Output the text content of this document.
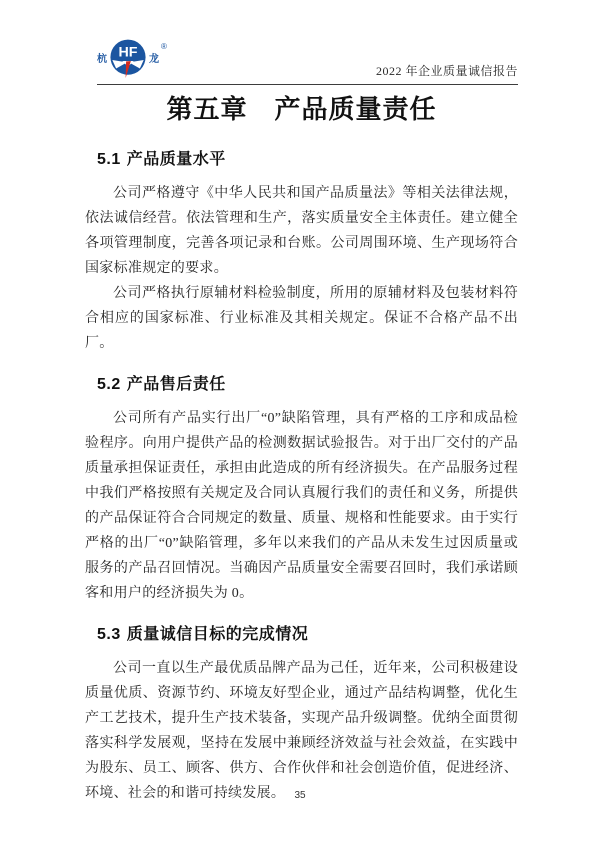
杭 HF 龙
®
2022 年企业质量诚信报告
第五章　产品质量责任
5.1 产品质量水平

公司严格遵守《中华人民共和国产品质量法》等相关法律法规，依法诚信经营。依法管理和生产，落实质量安全主体责任。建立健全各项管理制度，完善各项记录和台账。公司周围环境、生产现场符合国家标准规定的要求。

公司严格执行原辅材料检验制度，所用的原辅材料及包装材料符合相应的国家标准、行业标准及其相关规定。保证不合格产品不出厂。

5.2 产品售后责任

公司所有产品实行出厂“0”缺陷管理，具有严格的工序和成品检验程序。向用户提供产品的检测数据试验报告。对于出厂交付的产品质量承担保证责任，承担由此造成的所有经济损失。在产品服务过程中我们严格按照有关规定及合同认真履行我们的责任和义务，所提供的产品保证符合合同规定的数量、质量、规格和性能要求。由于实行严格的出厂“0”缺陷管理，多年以来我们的产品从未发生过因质量或服务的产品召回情况。当确因产品质量安全需要召回时，我们承诺顾客和用户的经济损失为 0。

5.3 质量诚信目标的完成情况

公司一直以生产最优质品牌产品为己任，近年来，公司积极建设质量优质、资源节约、环境友好型企业，通过产品结构调整，优化生产工艺技术，提升生产技术装备，实现产品升级调整。优纳全面贯彻落实科学发展观，坚持在发展中兼顾经济效益与社会效益，在实践中为股东、员工、顾客、供方、合作伙伴和社会创造价值，促进经济、环境、社会的和谐可持续发展。 35
